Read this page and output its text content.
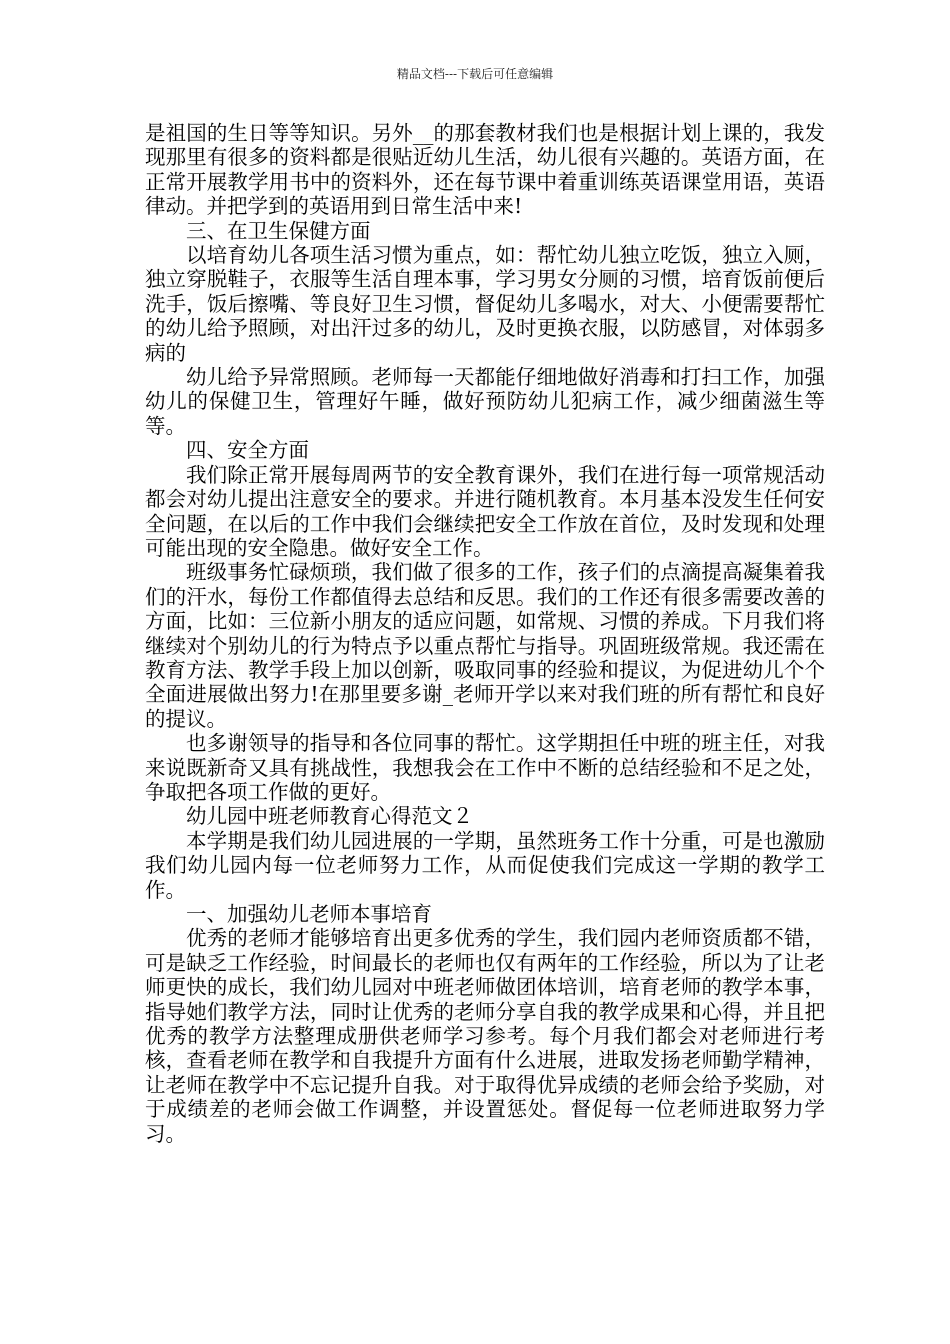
精品文档---下载后可任意编辑

是祖国的生日等等知识。另外__的那套教材我们也是根据计划上课的，我发现那里有很多的资料都是很贴近幼儿生活，幼儿很有兴趣的。英语方面，在正常开展教学用书中的资料外，还在每节课中着重训练英语课堂用语，英语律动。并把学到的英语用到日常生活中来!

三、在卫生保健方面

以培育幼儿各项生活习惯为重点，如：帮忙幼儿独立吃饭，独立入厕，独立穿脱鞋子，衣服等生活自理本事，学习男女分厕的习惯，培育饭前便后洗手，饭后擦嘴、等良好卫生习惯，督促幼儿多喝水，对大、小便需要帮忙的幼儿给予照顾，对出汗过多的幼儿，及时更换衣服，以防感冒，对体弱多病的

幼儿给予异常照顾。老师每一天都能仔细地做好消毒和打扫工作，加强幼儿的保健卫生，管理好午睡，做好预防幼儿犯病工作，减少细菌滋生等等。

四、安全方面

我们除正常开展每周两节的安全教育课外，我们在进行每一项常规活动都会对幼儿提出注意安全的要求。并进行随机教育。本月基本没发生任何安全问题，在以后的工作中我们会继续把安全工作放在首位，及时发现和处理可能出现的安全隐患。做好安全工作。

班级事务忙碌烦琐，我们做了很多的工作，孩子们的点滴提高凝集着我们的汗水，每份工作都值得去总结和反思。我们的工作还有很多需要改善的方面，比如：三位新小朋友的适应问题，如常规、习惯的养成。下月我们将继续对个别幼儿的行为特点予以重点帮忙与指导。巩固班级常规。我还需在教育方法、教学手段上加以创新，吸取同事的经验和提议，为促进幼儿个个全面进展做出努力!在那里要多谢_老师开学以来对我们班的所有帮忙和良好的提议。

也多谢领导的指导和各位同事的帮忙。这学期担任中班的班主任，对我来说既新奇又具有挑战性，我想我会在工作中不断的总结经验和不足之处，争取把各项工作做的更好。

幼儿园中班老师教育心得范文２

本学期是我们幼儿园进展的一学期，虽然班务工作十分重，可是也激励我们幼儿园内每一位老师努力工作，从而促使我们完成这一学期的教学工作。

一、加强幼儿老师本事培育

优秀的老师才能够培育出更多优秀的学生，我们园内老师资质都不错，可是缺乏工作经验，时间最长的老师也仅有两年的工作经验，所以为了让老师更快的成长，我们幼儿园对中班老师做团体培训，培育老师的教学本事，指导她们教学方法，同时让优秀的老师分享自我的教学成果和心得，并且把优秀的教学方法整理成册供老师学习参考。每个月我们都会对老师进行考核，查看老师在教学和自我提升方面有什么进展，进取发扬老师勤学精神，让老师在教学中不忘记提升自我。对于取得优异成绩的老师会给予奖励，对于成绩差的老师会做工作调整，并设置惩处。督促每一位老师进取努力学习。
